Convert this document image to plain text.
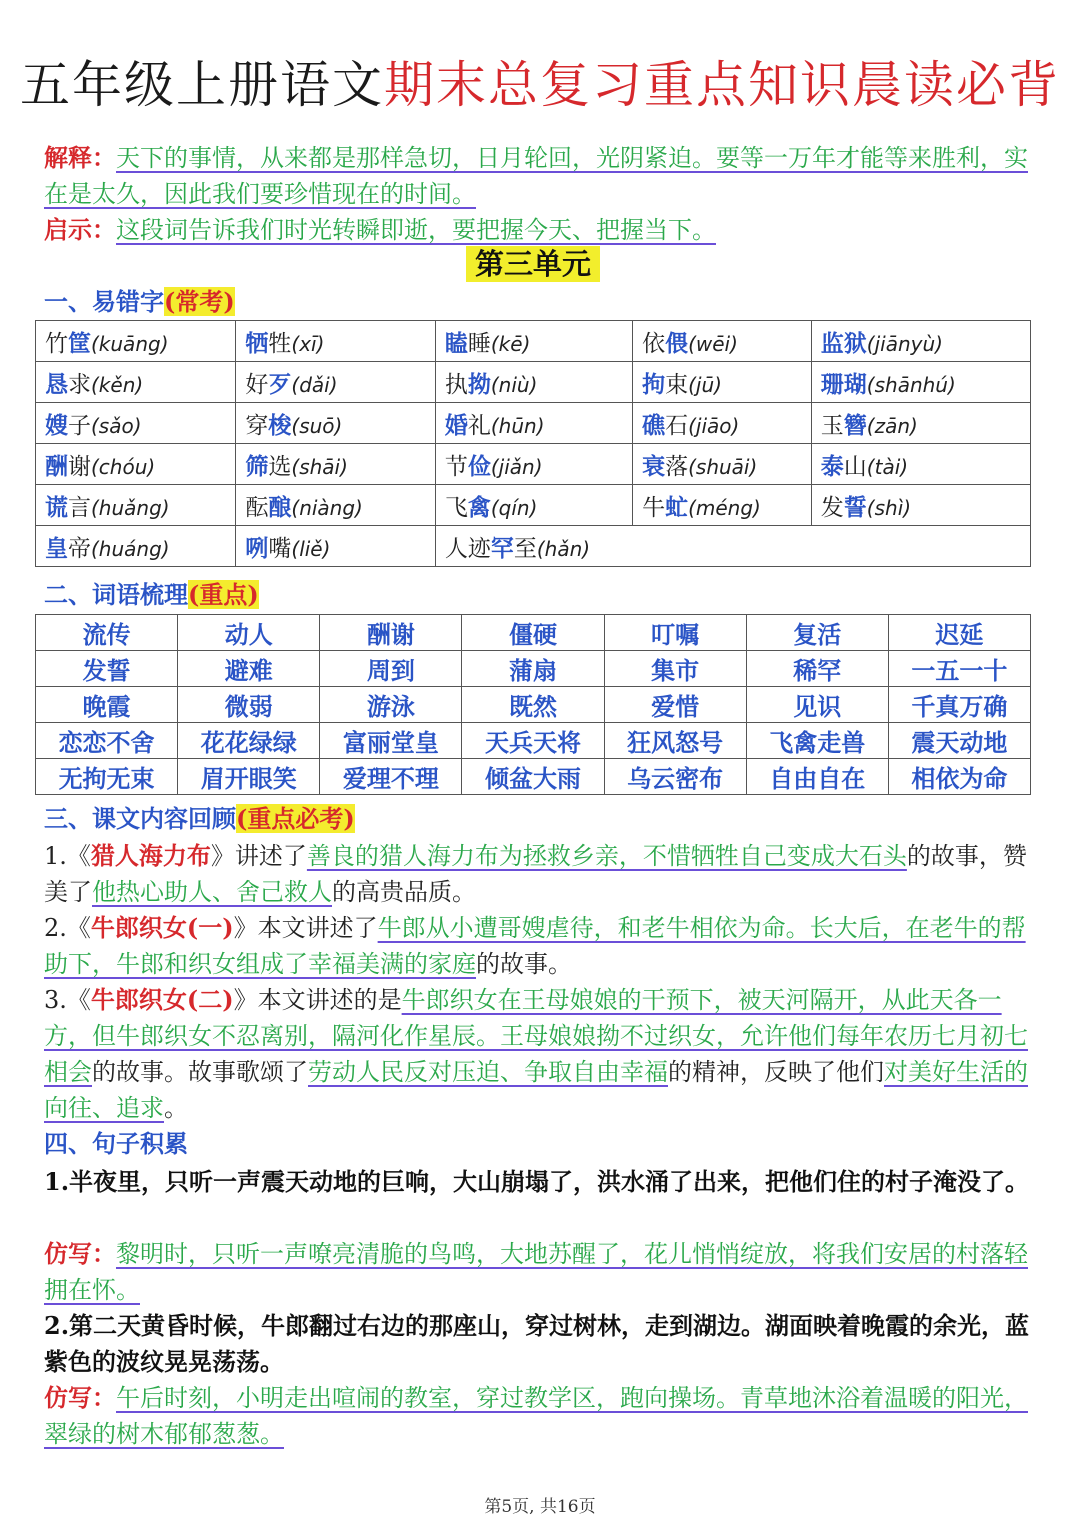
五年级上册语文期末总复习重点知识晨读必背
解释：天下的事情，从来都是那样急切，日月轮回，光阴紧迫。要等一万年才能等来胜利，实在是太久，因此我们要珍惜现在的时间。
启示：这段词告诉我们时光转瞬即逝，要把握今天、把握当下。
第三单元
一、易错字(常考)
竹筐(kuāng)	牺牲(xī)	瞌睡(kē)	依偎(wēi)	监狱(jiānyù)
恳求(kěn)	好歹(dǎi)	执拗(niù)	拘束(jū)	珊瑚(shānhú)
嫂子(sǎo)	穿梭(suō)	婚礼(hūn)	礁石(jiāo)	玉簪(zān)
酬谢(chóu)	筛选(shāi)	节俭(jiǎn)	衰落(shuāi)	泰山(tài)
谎言(huǎng)	酝酿(niàng)	飞禽(qín)	牛虻(méng)	发誓(shì)
皇帝(huáng)	咧嘴(liě)	人迹罕至(hǎn)		
二、词语梳理(重点)
流传	动人	酬谢	僵硬	叮嘱	复活	迟延
发誓	避难	周到	蒲扇	集市	稀罕	一五一十
晚霞	微弱	游泳	既然	爱惜	见识	千真万确
恋恋不舍	花花绿绿	富丽堂皇	天兵天将	狂风怒号	飞禽走兽	震天动地
无拘无束	眉开眼笑	爱理不理	倾盆大雨	乌云密布	自由自在	相依为命
三、课文内容回顾(重点必考)
1.《猎人海力布》讲述了善良的猎人海力布为拯救乡亲，不惜牺牲自己变成大石头的故事，赞美了他热心助人、舍己救人的高贵品质。
2.《牛郎织女(一)》本文讲述了牛郎从小遭哥嫂虐待，和老牛相依为命。长大后，在老牛的帮助下，牛郎和织女组成了幸福美满的家庭的故事。
3.《牛郎织女(二)》本文讲述的是牛郎织女在王母娘娘的干预下，被天河隔开，从此天各一方，但牛郎织女不忍离别，隔河化作星辰。王母娘娘拗不过织女，允许他们每年农历七月初七相会的故事。故事歌颂了劳动人民反对压迫、争取自由幸福的精神，反映了他们对美好生活的向往、追求。
四、句子积累
1.半夜里，只听一声震天动地的巨响，大山崩塌了，洪水涌了出来，把他们住的村子淹没了。
仿写：黎明时，只听一声嘹亮清脆的鸟鸣，大地苏醒了，花儿悄悄绽放，将我们安居的村落轻拥在怀。
2.第二天黄昏时候，牛郎翻过右边的那座山，穿过树林，走到湖边。湖面映着晚霞的余光，蓝紫色的波纹晃晃荡荡。
仿写：午后时刻，小明走出喧闹的教室，穿过教学区，跑向操场。青草地沐浴着温暖的阳光，翠绿的树木郁郁葱葱。
第5页, 共16页
